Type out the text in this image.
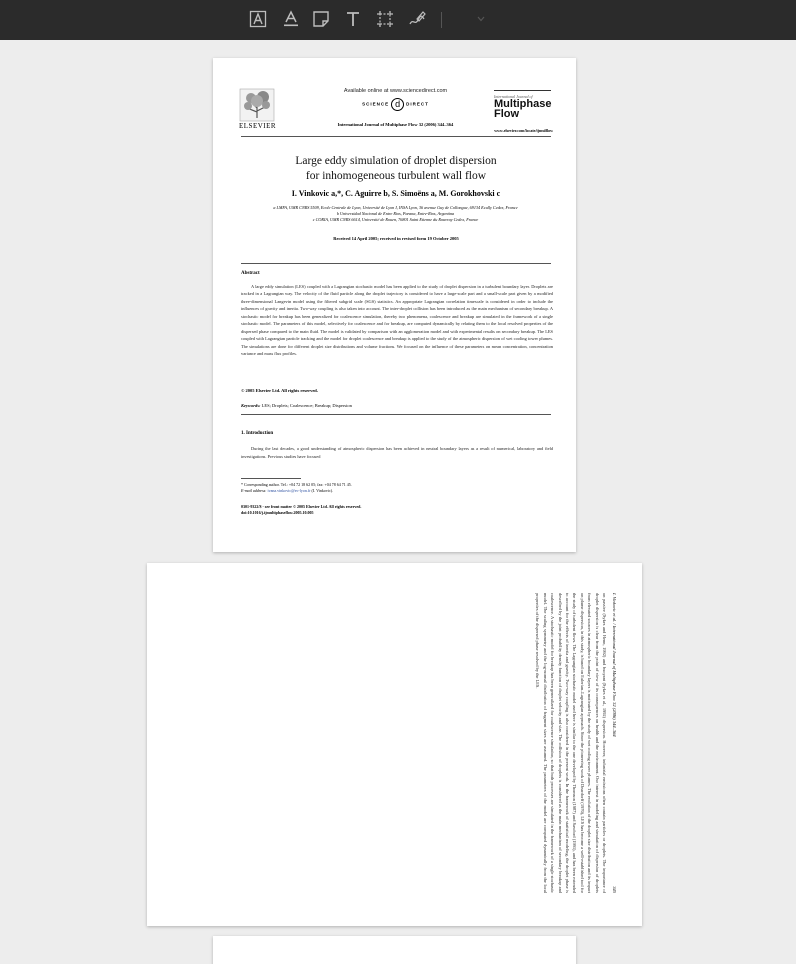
ELSEVIER
Available online at www.sciencedirect.com
SCIENCE d DIRECT
International Journal of Multiphase Flow 32 (2006) 344–364
International Journal of
Multiphase
Flow
www.elsevier.com/locate/ijmulflow
Large eddy simulation of droplet dispersion
for inhomogeneous turbulent wall flow
I. Vinkovic a,*, C. Aguirre b, S. Simoëns a, M. Gorokhovski c
a LMFA, UMR CNRS 5509, Ecole Centrale de Lyon, Université de Lyon I, INSA Lyon, 36 avenue Guy de Collongue, 69134 Ecully Cedex, France
b Universidad Nacional de Entre Rios, Parana, Entre-Rios, Argentina
c CORIA, UMR CNRS 6614, Université de Rouen, 76801 Saint Etienne du Rouvray Cedex, France
Received 14 April 2005; received in revised form 19 October 2005
Abstract
A large eddy simulation (LES) coupled with a Lagrangian stochastic model has been applied to the study of droplet dispersion in a turbulent boundary layer. Droplets are tracked in a Lagrangian way. The velocity of the fluid particle along the droplet trajectory is considered to have a large-scale part and a small-scale part given by a modified three-dimensional Langevin model using the filtered subgrid scale (SGS) statistics. An appropriate Lagrangian correlation timescale is considered in order to include the influences of gravity and inertia. Two-way coupling is also taken into account. The inter-droplet collision has been introduced as the main mechanism of secondary breakup. A stochastic model for breakup has been generalized for coalescence simulation, thereby two phenomena, coalescence and breakup are simulated in the framework of a single stochastic model. The parameters of this model, selectively for coalescence and for breakup, are computed dynamically by relating them to the local resolved properties of the dispersed phase compared to the main fluid. The model is validated by comparison with an agglomeration model and with experimental results on secondary breakup. The LES coupled with Lagrangian particle tracking and the model for droplet coalescence and breakup is applied to the study of the atmospheric dispersion of wet cooling tower plumes. The simulations are done for different droplet size distributions and volume fractions. We focused on the influence of these parameters on mean concentration, concentration variance and mass flux profiles.
© 2005 Elsevier Ltd. All rights reserved.
Keywords: LES; Droplets; Coalescence; Breakup; Dispersion
1. Introduction
During the last decades, a good understanding of atmospheric dispersion has been achieved in neutral boundary layers as a result of numerical, laboratory and field investigations. Previous studies have focused
* Corresponding author. Tel.: +04 72 18 62 05; fax: +04 78 64 71 45.
E-mail address: ivana.vinkovic@ec-lyon.fr (I. Vinkovic).
0301-9322/$ - see front matter © 2005 Elsevier Ltd. All rights reserved.
doi:10.1016/j.ijmultiphaseflow.2005.10.005
I. Vinkovic et al. / International Journal of Multiphase Flow 32 (2006) 344–364
345
on passive (Sykes and Henn, 1992) and buoyant (Sykes et al., 1992) dispersion. However, industrial emissions often contain particles or droplets. The importance of droplet dispersion is clear from the point of view of its consequences on health and the environment. Our interest in modeling and simulation of dispersion of droplets from elevated sources in atmospheric boundary layers is motivated by the study of wet cooling tower plumes. The evolution of the droplet size distribution and its impact on plume dispersion, in this study, is based on Eulerian–Lagrangian approach. Since the pioneering work of Deardorff (1970), LES has become a well-established tool for the study of turbulent flows. The Lagrangian stochastic model used here is similar to the one developed by Thomson (1987) and Sawford (1991), and has been extended to account for the effects of inertia and gravity. Two-way coupling is also considered in the present work. In the framework of statistical modeling, the droplet phase is described by the joint probability density function of droplet velocity and size. The collision of droplets is considered as the main mechanism of secondary breakup and coalescence. A stochastic model for breakup has been generalized for coalescence simulation, so that both processes are simulated in the framework of a single stochastic model. The scaling symmetry and the log-normal distribution of fragment sizes are assumed. The parameters of the model are computed dynamically from the local properties of the dispersed phase resolved by the LES.
